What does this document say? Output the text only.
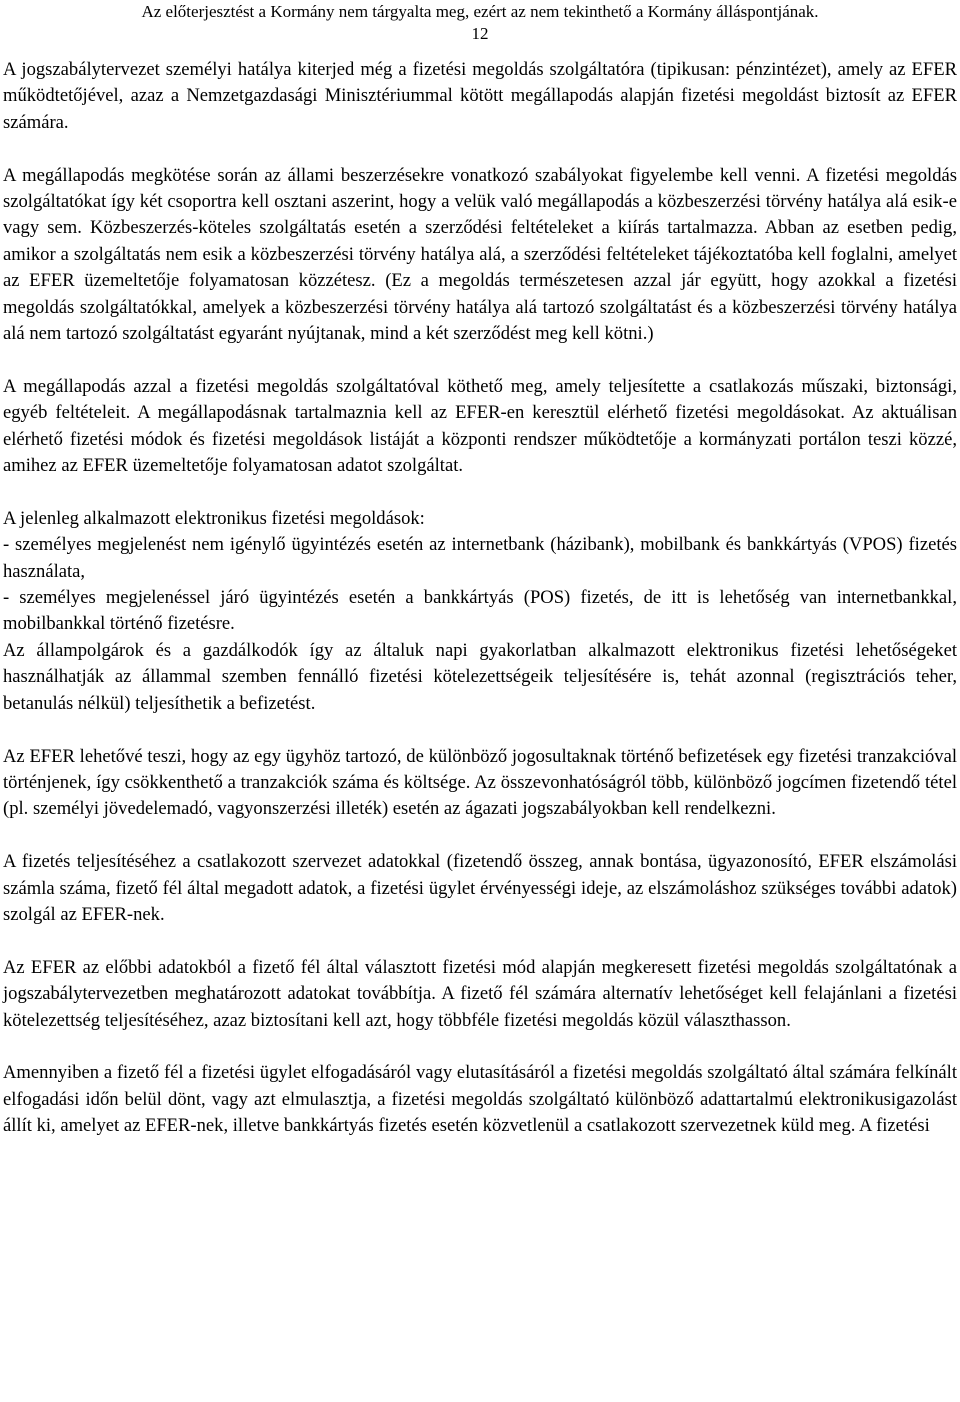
Az előterjesztést a Kormány nem tárgyalta meg, ezért az nem tekinthető a Kormány álláspontjának.
12

A jogszabálytervezet személyi hatálya kiterjed még a fizetési megoldás szolgáltatóra (tipikusan: pénzintézet), amely az EFER működtetőjével, azaz a Nemzetgazdasági Minisztériummal kötött megállapodás alapján fizetési megoldást biztosít az EFER számára.

A megállapodás megkötése során az állami beszerzésekre vonatkozó szabályokat figyelembe kell venni. A fizetési megoldás szolgáltatókat így két csoportra kell osztani aszerint, hogy a velük való megállapodás a közbeszerzési törvény hatálya alá esik-e vagy sem. Közbeszerzés-köteles szolgáltatás esetén a szerződési feltételeket a kiírás tartalmazza. Abban az esetben pedig, amikor a szolgáltatás nem esik a közbeszerzési törvény hatálya alá, a szerződési feltételeket tájékoztatóba kell foglalni, amelyet az EFER üzemeltetője folyamatosan közzétesz. (Ez a megoldás természetesen azzal jár együtt, hogy azokkal a fizetési megoldás szolgáltatókkal, amelyek a közbeszerzési törvény hatálya alá tartozó szolgáltatást és a közbeszerzési törvény hatálya alá nem tartozó szolgáltatást egyaránt nyújtanak, mind a két szerződést meg kell kötni.)

A megállapodás azzal a fizetési megoldás szolgáltatóval köthető meg, amely teljesítette a csatlakozás műszaki, biztonsági, egyéb feltételeit. A megállapodásnak tartalmaznia kell az EFER-en keresztül elérhető fizetési megoldásokat. Az aktuálisan elérhető fizetési módok és fizetési megoldások listáját a központi rendszer működtetője a kormányzati portálon teszi közzé, amihez az EFER üzemeltetője folyamatosan adatot szolgáltat.

A jelenleg alkalmazott elektronikus fizetési megoldások:
- személyes megjelenést nem igénylő ügyintézés esetén az internetbank (házibank), mobilbank és bankkártyás (VPOS) fizetés használata,
- személyes megjelenéssel járó ügyintézés esetén a bankkártyás (POS) fizetés, de itt is lehetőség van internetbankkal, mobilbankkal történő fizetésre.
Az állampolgárok és a gazdálkodók így az általuk napi gyakorlatban alkalmazott elektronikus fizetési lehetőségeket használhatják az állammal szemben fennálló fizetési kötelezettségeik teljesítésére is, tehát azonnal (regisztrációs teher, betanulás nélkül) teljesíthetik a befizetést.

Az EFER lehetővé teszi, hogy az egy ügyhöz tartozó, de különböző jogosultaknak történő befizetések egy fizetési tranzakcióval történjenek, így csökkenthető a tranzakciók száma és költsége. Az összevonhatóságról több, különböző jogcímen fizetendő tétel (pl. személyi jövedelemadó, vagyonszerzési illeték) esetén az ágazati jogszabályokban kell rendelkezni.

A fizetés teljesítéséhez a csatlakozott szervezet adatokkal (fizetendő összeg, annak bontása, ügyazonosító, EFER elszámolási számla száma, fizető fél által megadott adatok, a fizetési ügylet érvényességi ideje, az elszámoláshoz szükséges további adatok) szolgál az EFER-nek.

Az EFER az előbbi adatokból a fizető fél által választott fizetési mód alapján megkeresett fizetési megoldás szolgáltatónak a jogszabálytervezetben meghatározott adatokat továbbítja. A fizető fél számára alternatív lehetőséget kell felajánlani a fizetési kötelezettség teljesítéséhez, azaz biztosítani kell azt, hogy többféle fizetési megoldás közül választhasson.

Amennyiben a fizető fél a fizetési ügylet elfogadásáról vagy elutasításáról a fizetési megoldás szolgáltató által számára felkínált elfogadási időn belül dönt, vagy azt elmulasztja, a fizetési megoldás szolgáltató különböző adattartalmú elektronikusigazolást állít ki, amelyet az EFER-nek, illetve bankkártyás fizetés esetén közvetlenül a csatlakozott szervezetnek küld meg. A fizetési
